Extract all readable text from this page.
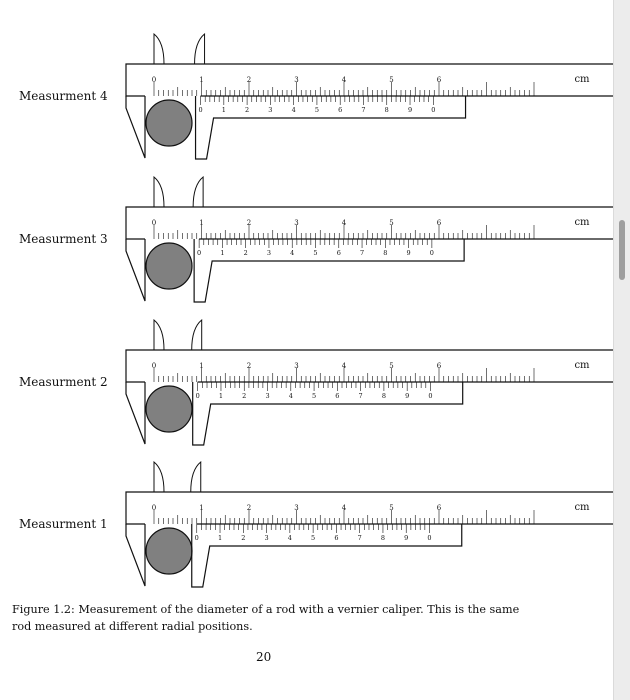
Measurment 4
Measurment 3
Measurment 2
Measurment 1
0	1	2	3	4	5	6	cm
0	1	2	3	4	5	6	7	8	9	0
0	1	2	3	4	5	6	cm
0	1	2	3	4	5	6	7	8	9	0
0	1	2	3	4	5	6	cm
0	1	2	3	4	5	6	7	8	9	0
0	1	2	3	4	5	6	cm
0	1	2	3	4	5	6	7	8	9	0
Figure 1.2: Measurement of the diameter of a rod with a vernier caliper. This is the same rod measured at different radial positions.
20
